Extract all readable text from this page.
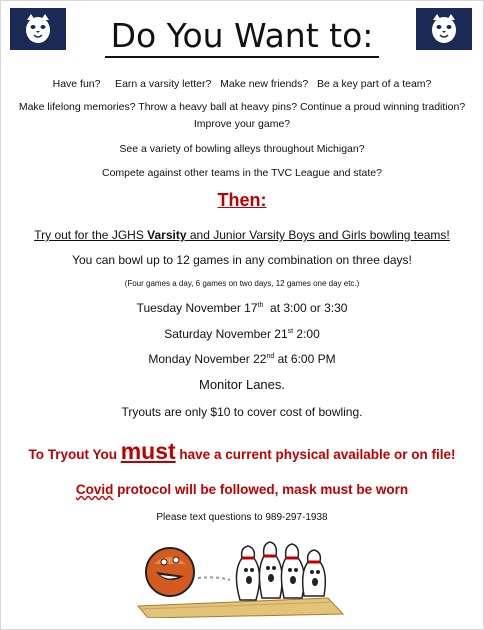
Do You Want to:
Have fun?     Earn a varsity letter?   Make new friends?   Be a key part of a team?
Make lifelong memories? Throw a heavy ball at heavy pins? Continue a proud winning tradition?
Improve your game?
See a variety of bowling alleys throughout Michigan?
Compete against other teams in the TVC League and state?
Then:
Try out for the JGHS Varsity and Junior Varsity Boys and Girls bowling teams!
You can bowl up to 12 games in any combination on three days!
(Four games a day, 6 games on two days, 12 games one day etc.)
Tuesday November 17th  at 3:00 or 3:30
Saturday November 21st 2:00
Monday November 22nd at 6:00 PM
Monitor Lanes.
Tryouts are only $10 to cover cost of bowling.
To Tryout You must have a current physical available or on file!
Covid protocol will be followed, mask must be worn
Please text questions to 989-297-1938
